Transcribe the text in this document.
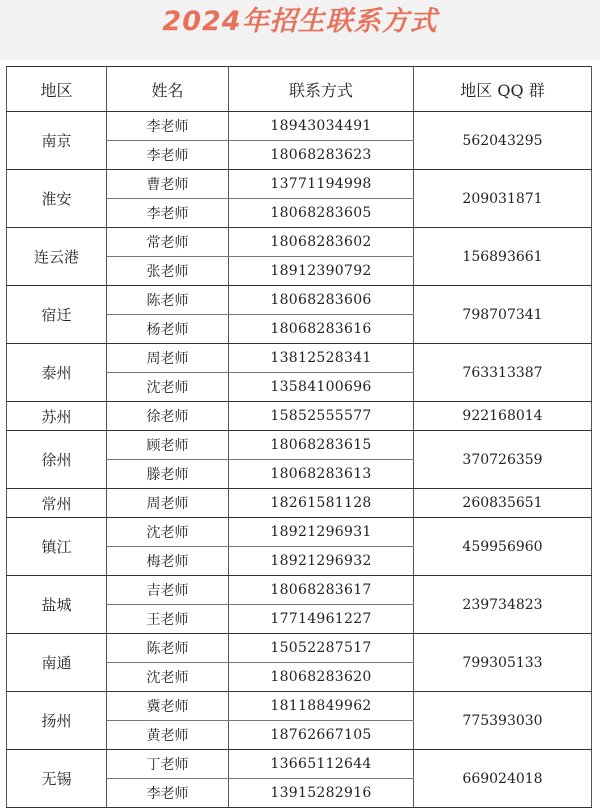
2024年招生联系方式
地区	姓名	联系方式	地区 QQ 群
南京	李老师	18943034491	562043295
	李老师	18068283623	
淮安	曹老师	13771194998	209031871
	李老师	18068283605	
连云港	常老师	18068283602	156893661
	张老师	18912390792	
宿迁	陈老师	18068283606	798707341
	杨老师	18068283616	
泰州	周老师	13812528341	763313387
	沈老师	13584100696	
苏州	徐老师	15852555577	922168014
徐州	顾老师	18068283615	370726359
	滕老师	18068283613	
常州	周老师	18261581128	260835651
镇江	沈老师	18921296931	459956960
	梅老师	18921296932	
盐城	吉老师	18068283617	239734823
	王老师	17714961227	
南通	陈老师	15052287517	799305133
	沈老师	18068283620	
扬州	冀老师	18118849962	775393030
	黄老师	18762667105	
无锡	丁老师	13665112644	669024018
	李老师	13915282916	
